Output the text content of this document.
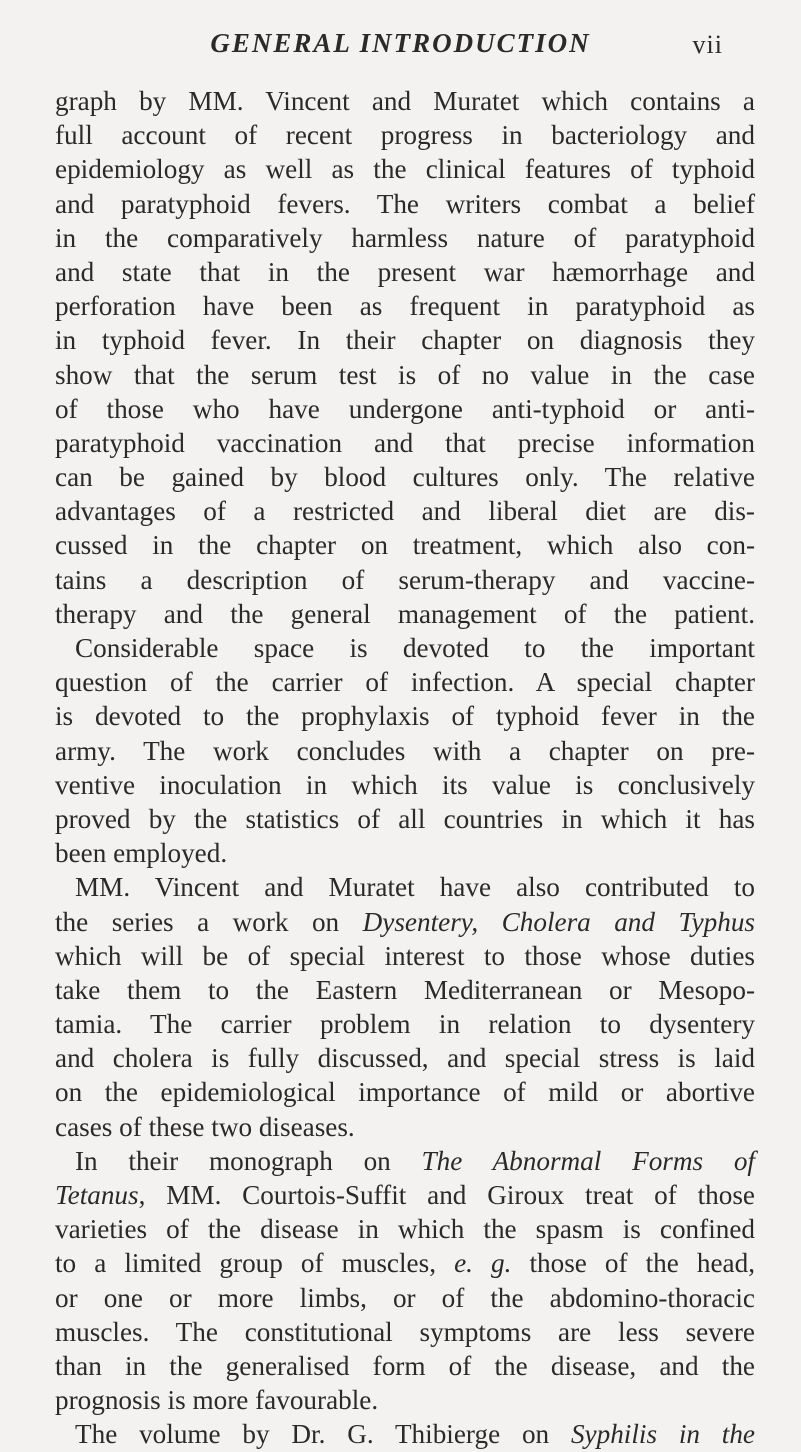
GENERAL INTRODUCTION	vii
graph by MM. Vincent and Muratet which contains a
full account of recent progress in bacteriology and
epidemiology as well as the clinical features of typhoid
and paratyphoid fevers. The writers combat a belief
in the comparatively harmless nature of paratyphoid
and state that in the present war hæmorrhage and
perforation have been as frequent in paratyphoid as
in typhoid fever. In their chapter on diagnosis they
show that the serum test is of no value in the case
of those who have undergone anti-typhoid or anti-
paratyphoid vaccination and that precise information
can be gained by blood cultures only. The relative
advantages of a restricted and liberal diet are dis-
cussed in the chapter on treatment, which also con-
tains a description of serum-therapy and vaccine-
therapy and the general management of the patient.
Considerable space is devoted to the important
question of the carrier of infection. A special chapter
is devoted to the prophylaxis of typhoid fever in the
army. The work concludes with a chapter on pre-
ventive inoculation in which its value is conclusively
proved by the statistics of all countries in which it has
been employed.
MM. Vincent and Muratet have also contributed to
the series a work on Dysentery, Cholera and Typhus
which will be of special interest to those whose duties
take them to the Eastern Mediterranean or Mesopo-
tamia. The carrier problem in relation to dysentery
and cholera is fully discussed, and special stress is laid
on the epidemiological importance of mild or abortive
cases of these two diseases.
In their monograph on The Abnormal Forms of
Tetanus, MM. Courtois-Suffit and Giroux treat of those
varieties of the disease in which the spasm is confined
to a limited group of muscles, e. g. those of the head,
or one or more limbs, or of the abdomino-thoracic
muscles. The constitutional symptoms are less severe
than in the generalised form of the disease, and the
prognosis is more favourable.
The volume by Dr. G. Thibierge on Syphilis in the
